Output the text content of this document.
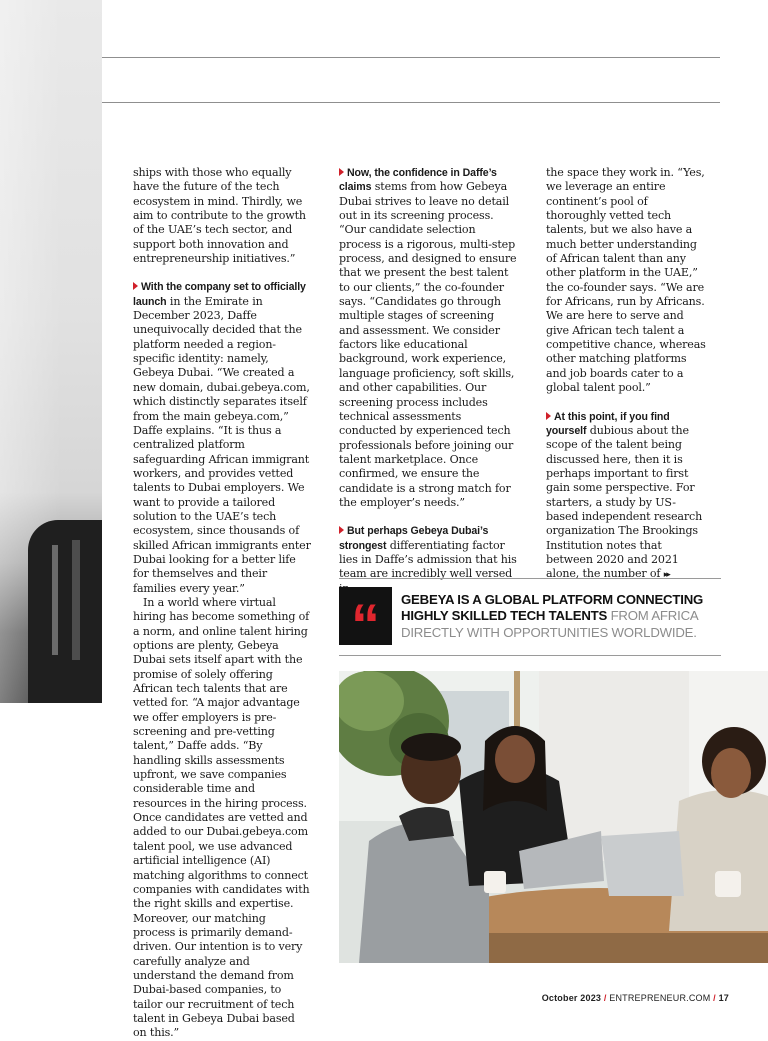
ships with those who equally have the future of the tech ecosystem in mind. Thirdly, we aim to contribute to the growth of the UAE’s tech sector, and support both innovation and entrepreneurship initiatives.”

With the company set to officially launch in the Emirate in December 2023, Daffe unequivocally decided that the platform needed a region-specific identity: namely, Gebeya Dubai. “We created a new domain, dubai.gebeya.com, which distinctly separates itself from the main gebeya.com,” Daffe explains. “It is thus a centralized platform safeguarding African immigrant workers, and provides vetted talents to Dubai employers. We want to provide a tailored solution to the UAE’s tech ecosystem, since thousands of skilled African immigrants enter Dubai looking for a better life for themselves and their families every year.”

In a world where virtual hiring has become something of a norm, and online talent hiring options are plenty, Gebeya Dubai sets itself apart with the promise of solely offering African tech talents that are vetted for. “A major advantage we offer employers is pre-screening and pre-vetting talent,” Daffe adds. “By handling skills assessments upfront, we save companies considerable time and resources in the hiring process. Once candidates are vetted and added to our Dubai.gebeya.com talent pool, we use advanced artificial intelligence (AI) matching algorithms to connect companies with candidates with the right skills and expertise. Moreover, our matching process is primarily demand-driven. Our intention is to very carefully analyze and understand the demand from Dubai-based companies, to tailor our recruitment of tech talent in Gebeya Dubai based on this.”

Now, the confidence in Daffe’s claims stems from how Gebeya Dubai strives to leave no detail out in its screening process. “Our candidate selection process is a rigorous, multi-step process, and designed to ensure that we present the best talent to our clients,” the co-founder says. “Candidates go through multiple stages of screening and assessment. We consider factors like educational background, work experience, language proficiency, soft skills, and other capabilities. Our screening process includes technical assessments conducted by experienced tech professionals before joining our talent marketplace. Once confirmed, we ensure the candidate is a strong match for the employer’s needs.”

But perhaps Gebeya Dubai’s strongest differentiating factor lies in Daffe’s admission that his team are incredibly well versed

the space they work in. “Yes, we leverage an entire continent’s pool of thoroughly vetted tech talents, but we also have a much better understanding of African talent than any other platform in the UAE,” the co-founder says. “We are for Africans, run by Africans. We are here to serve and give African tech talent a competitive chance, whereas other matching platforms and job boards cater to a global talent pool.”

At this point, if you find yourself dubious about the scope of the talent being discussed here, then it is perhaps important to first gain some perspective. For starters, a study by US-based independent research organization The Brookings Institution notes that between 2020 and 2021 alone, the number of ▸▸

“ GEBEYA IS A GLOBAL PLATFORM CONNECTING HIGHLY SKILLED TECH TALENTS FROM AFRICA DIRECTLY WITH OPPORTUNITIES WORLDWIDE.
October 2023 / ENTREPRENEUR.COM / 17
